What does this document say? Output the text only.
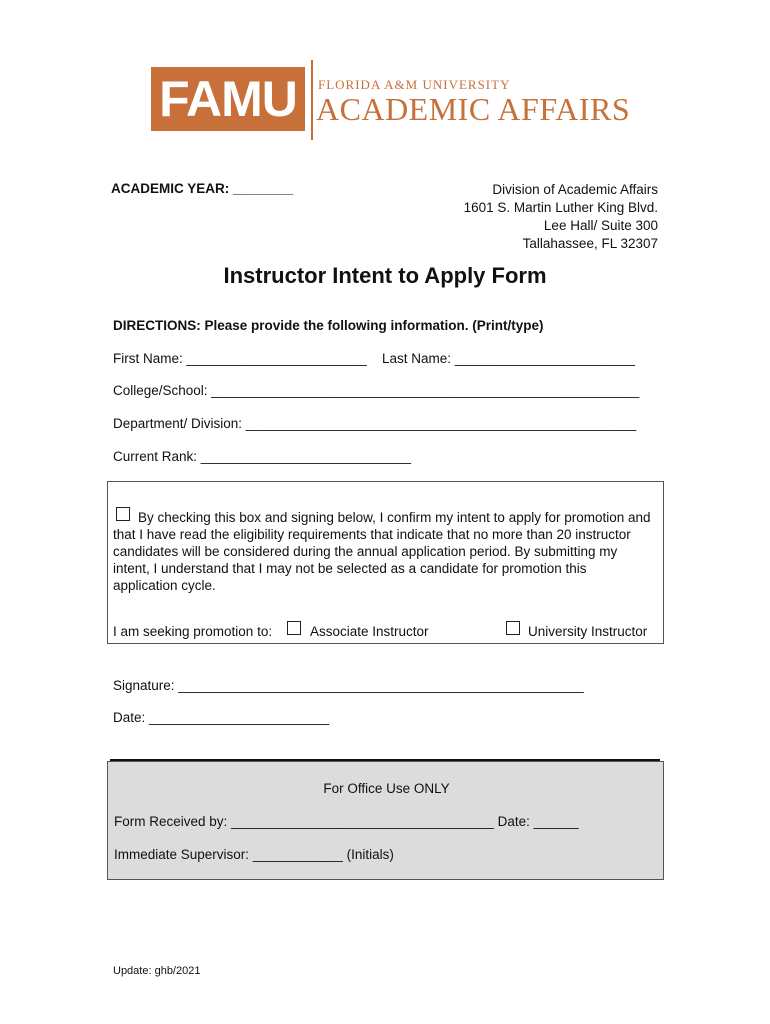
FAMU	FLORIDA A&M UNIVERSITY
ACADEMIC AFFAIRS
ACADEMIC YEAR: ________	Division of Academic Affairs
1601 S. Martin Luther King Blvd.
Lee Hall/ Suite 300
Tallahassee, FL 32307
Instructor Intent to Apply Form
DIRECTIONS: Please provide the following information. (Print/type)
First Name: ________________________ Last Name: ________________________
College/School: _________________________________________________________
Department/ Division: ____________________________________________________
Current Rank: ____________________________
By checking this box and signing below, I confirm my intent to apply for promotion and that I have read the eligibility requirements that indicate that no more than 20 instructor candidates will be considered during the annual application period. By submitting my intent, I understand that I may not be selected as a candidate for promotion this application cycle.
I am seeking promotion to:	Associate Instructor	University Instructor
Signature: ______________________________________________________
Date: ________________________
For Office Use ONLY
Form Received by: ___________________________________ Date: ______
Immediate Supervisor: ____________ (Initials)
Update: ghb/2021
